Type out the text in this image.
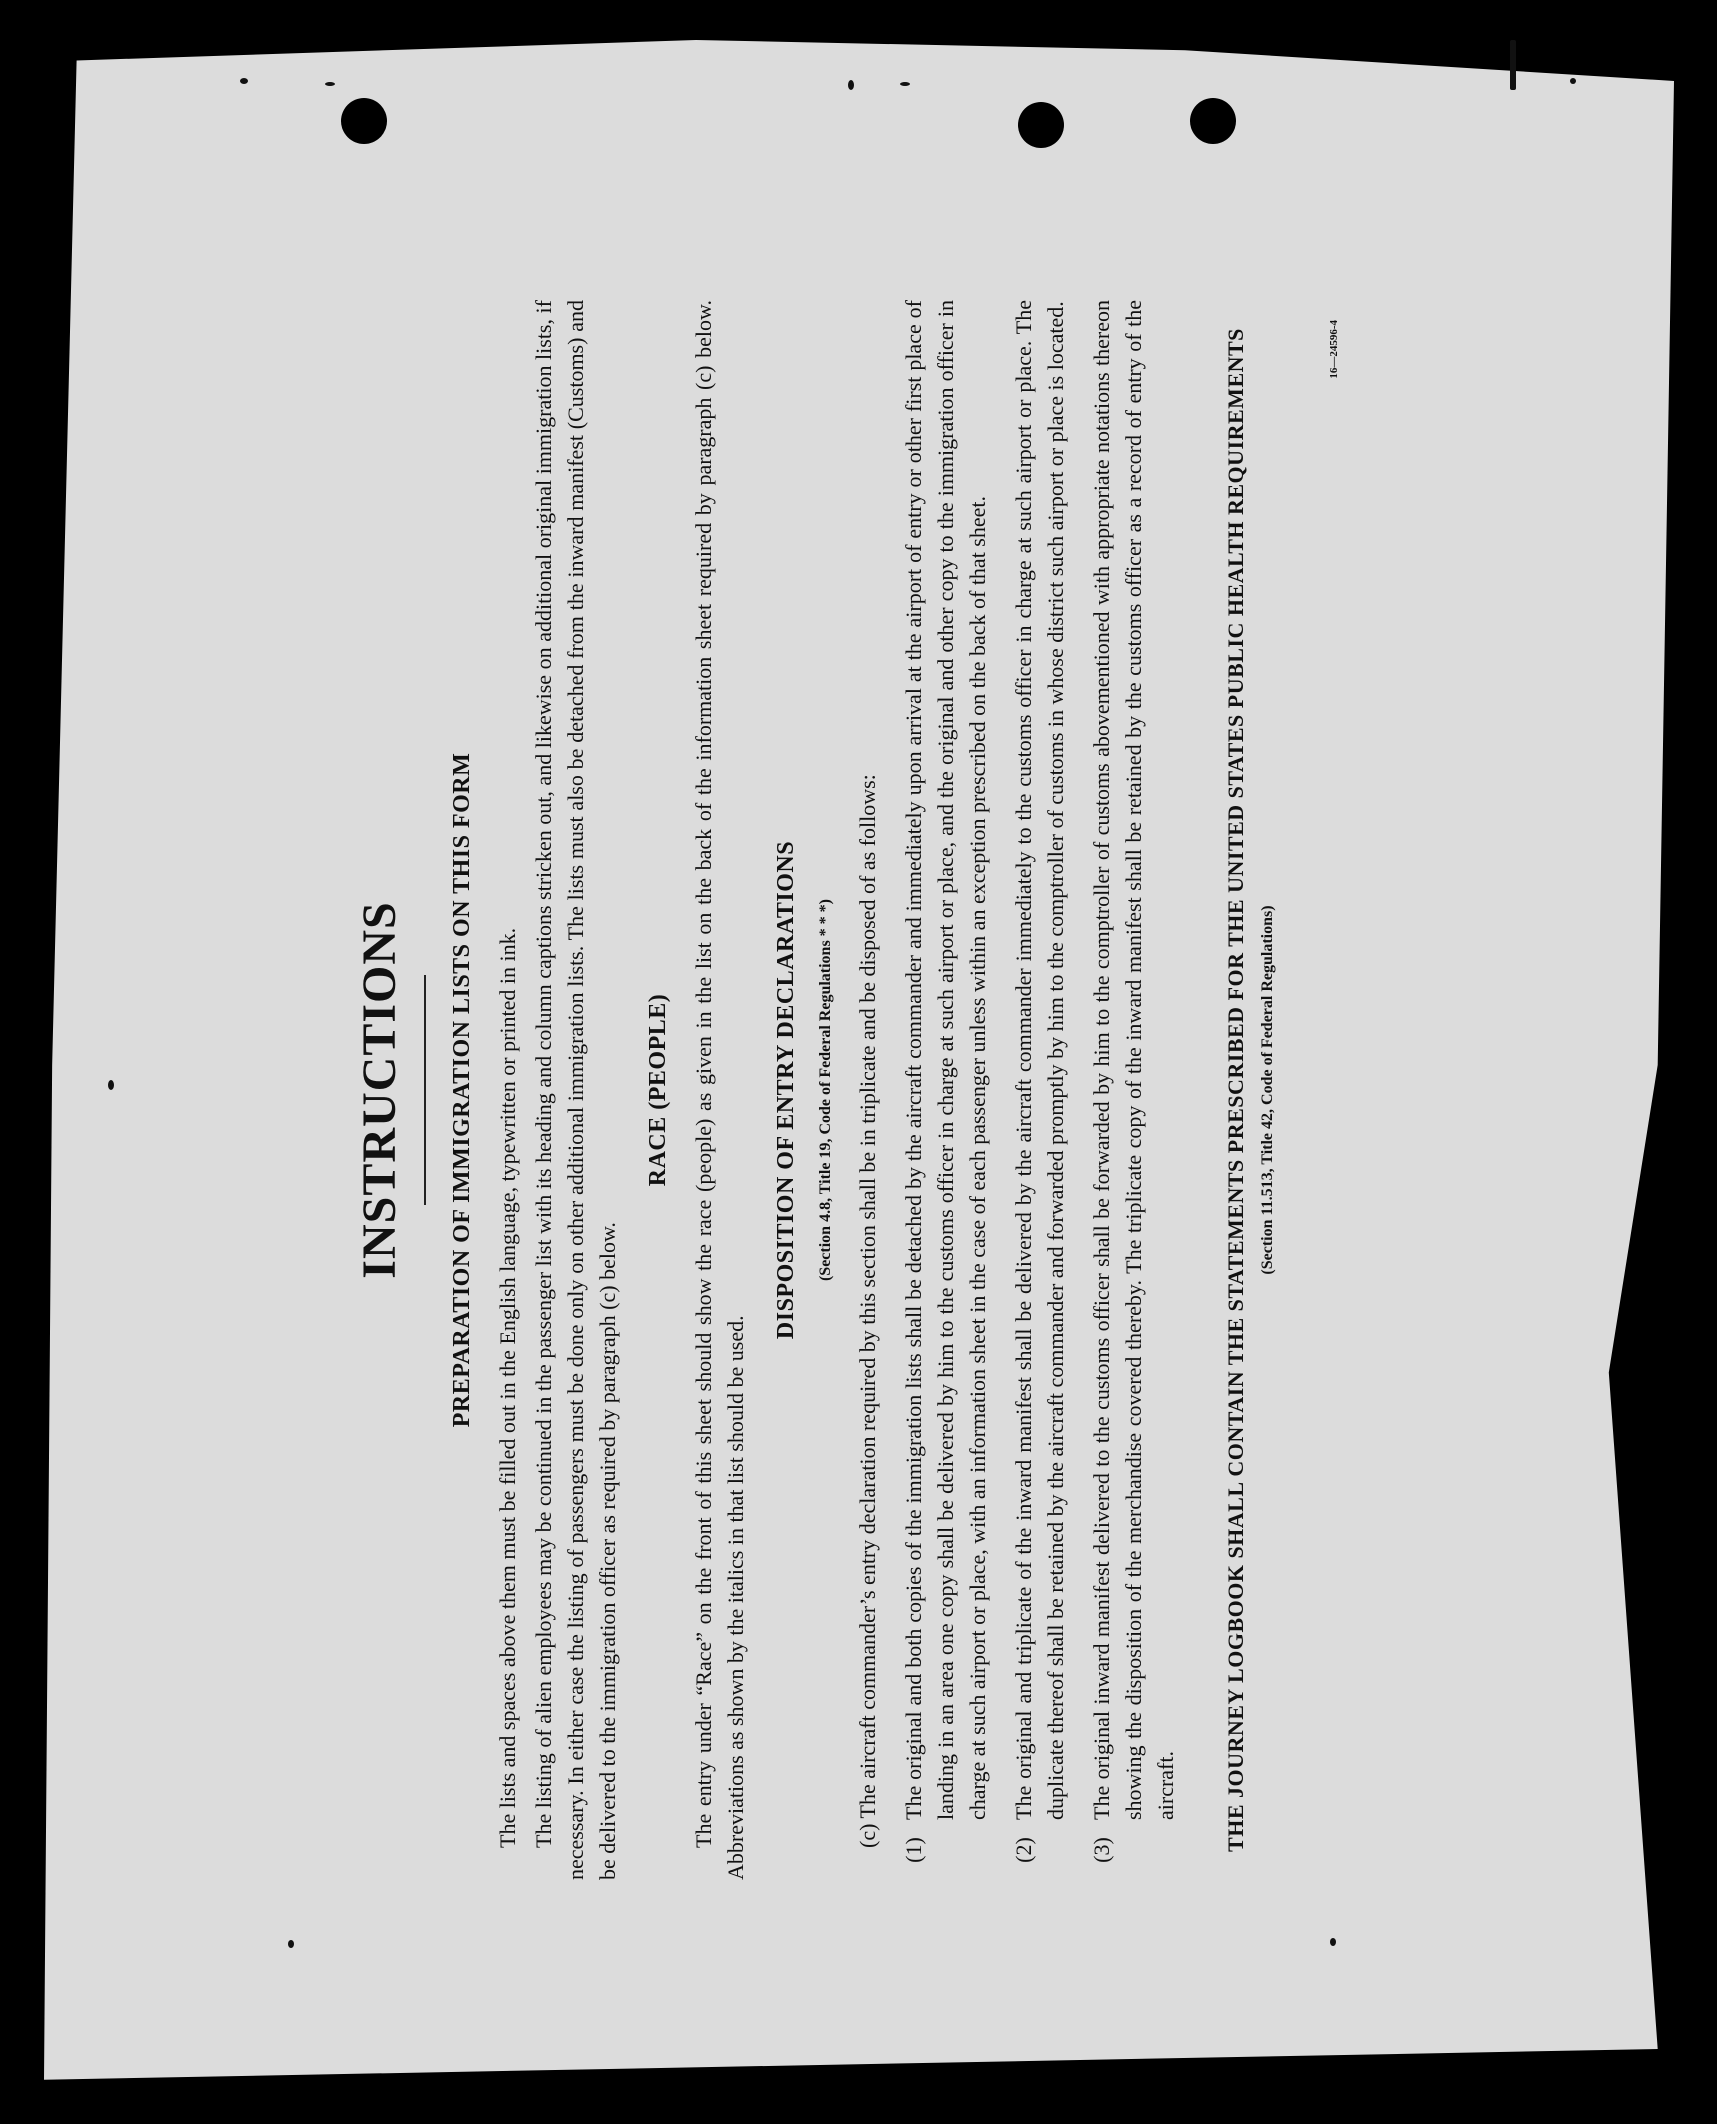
INSTRUCTIONS PREPARATION OF IMMIGRATION LISTS ON THIS FORM The lists and spaces above them must be filled out in the English language, typewritten or printed in ink. The listing of alien employees may be continued in the passenger list with its heading and column captions stricken out, and likewise on additional original immigration lists, if necessary. In either case the listing of passengers must be done only on other additional immigration lists. The lists must also be detached from the inward manifest (Customs) and be delivered to the immigration officer as required by paragraph (c) below.

RACE (PEOPLE) The entry under “Race” on the front of this sheet should show the race (people) as given in the list on the back of the information sheet required by paragraph (c) below. Abbreviations as shown by the italics in that list should be used.

DISPOSITION OF ENTRY DECLARATIONS	(Section 4.8, Title 19, Code of Federal Regulations * * *) (c) The aircraft commander’s entry declaration required by this section shall be in triplicate and be disposed of as follows:

(1)
The original and both copies of the immigration lists shall be detached by the aircraft commander and immediately upon arrival at the airport of entry or other first place of landing in an area one copy shall be delivered by him to the customs officer in charge at such airport or place, and the original and other copy to the immigration officer in charge at such airport or place, with an information sheet in the case of each passenger unless within an exception prescribed on the back of that sheet.
(2)
The original and triplicate of the inward manifest shall be delivered by the aircraft commander immediately to the customs officer in charge at such airport or place. The duplicate thereof shall be retained by the aircraft commander and forwarded promptly by him to the comptroller of customs in whose district such airport or place is located.
(3)
The original inward manifest delivered to the customs officer shall be forwarded by him to the comptroller of customs abovementioned with appropriate notations thereon showing the disposition of the merchandise covered thereby. The triplicate copy of the inward manifest shall be retained by the customs officer as a record of entry of the aircraft. THE JOURNEY LOGBOOK SHALL CONTAIN THE STATEMENTS PRESCRIBED FOR THE UNITED STATES PUBLIC HEALTH REQUIREMENTS (Section 11.513, Title 42, Code of Federal Regulations)
16—24596-4
